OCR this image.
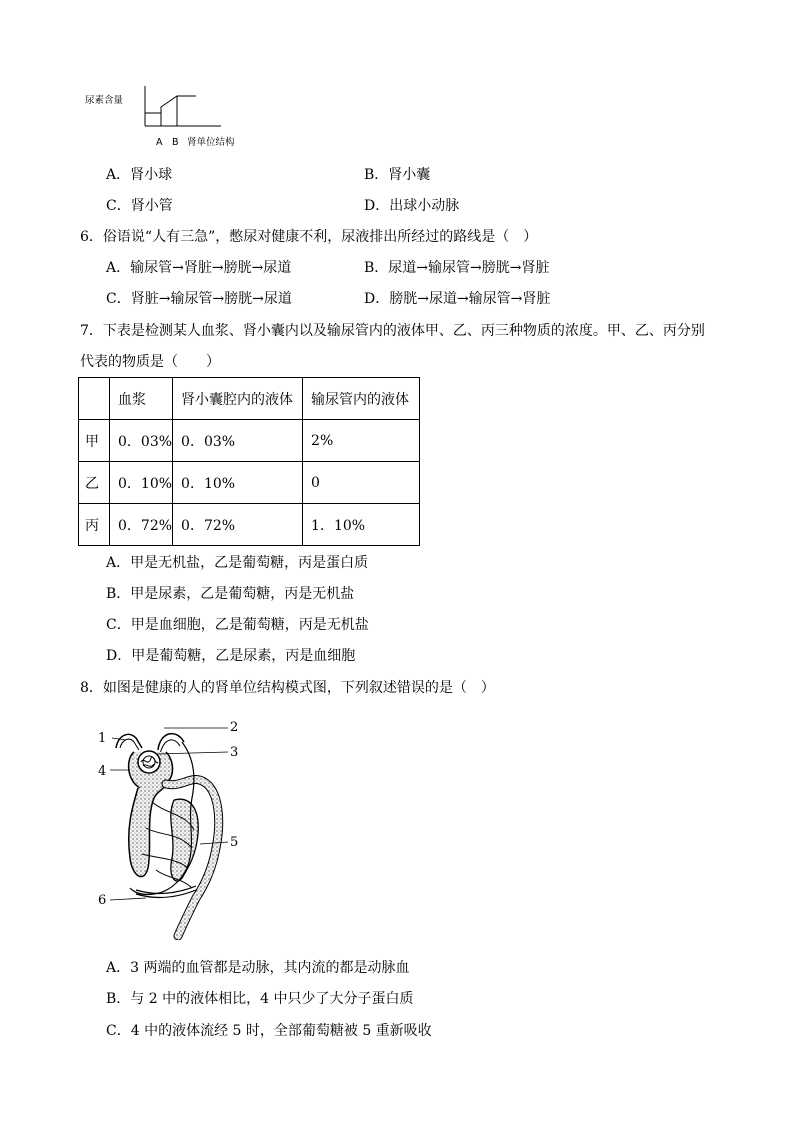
尿素含量
A B 肾单位结构
A．肾小球	B．肾小囊
C．肾小管	D．出球小动脉
6．俗语说“人有三急”，憋尿对健康不利，尿液排出所经过的路线是（　）
A．输尿管→肾脏→膀胱→尿道	B．尿道→输尿管→膀胱→肾脏
C．肾脏→输尿管→膀胱→尿道	D．膀胱→尿道→输尿管→肾脏
7．下表是检测某人血浆、肾小囊内以及输尿管内的液体甲、乙、丙三种物质的浓度。甲、乙、丙分别
代表的物质是（　　）
	血浆	肾小囊腔内的液体	输尿管内的液体
甲	0．03%	0．03%	2%
乙	0．10%	0．10%	0
丙	0．72%	0．72%	1．10%
A．甲是无机盐，乙是葡萄糖，丙是蛋白质
B．甲是尿素，乙是葡萄糖，丙是无机盐
C．甲是血细胞，乙是葡萄糖，丙是无机盐
D．甲是葡萄糖，乙是尿素，丙是血细胞
8．如图是健康的人的肾单位结构模式图，下列叙述错误的是（　）
1
2
3
4
5
6
A．3 两端的血管都是动脉，其内流的都是动脉血
B．与 2 中的液体相比，4 中只少了大分子蛋白质
C．4 中的液体流经 5 时，全部葡萄糖被 5 重新吸收
